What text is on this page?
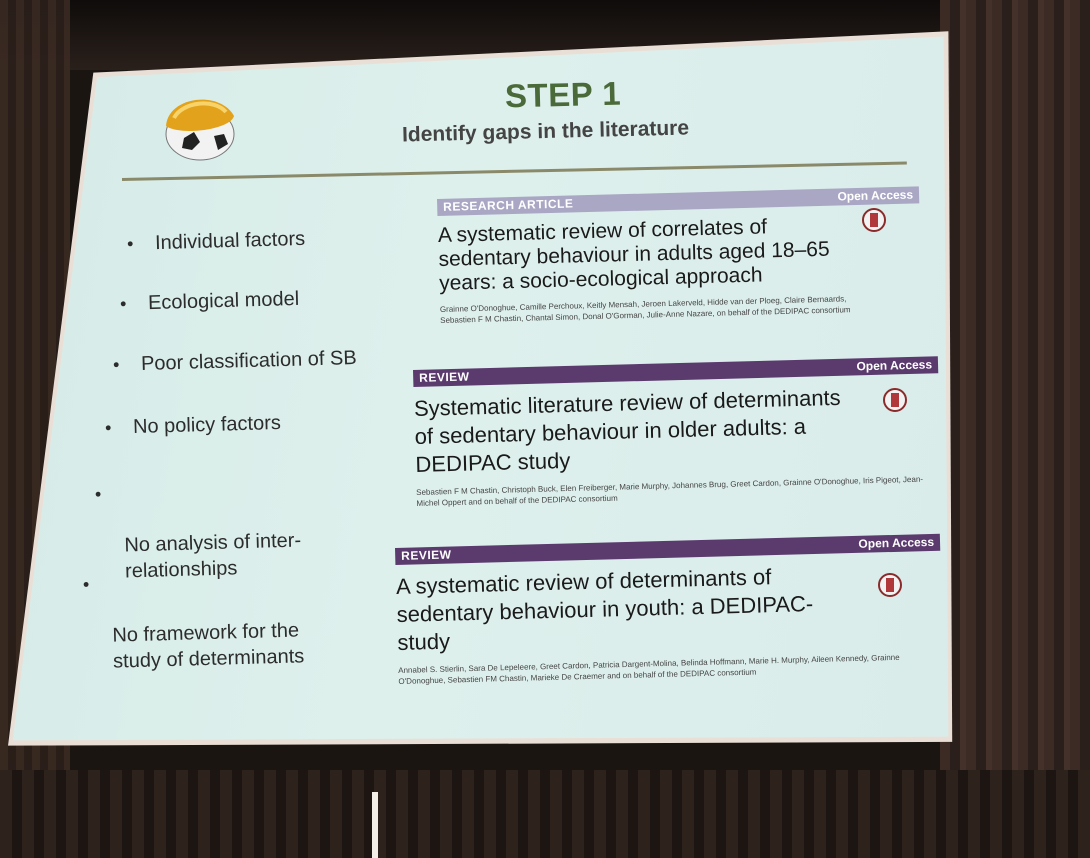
STEP 1
Identify gaps in the literature
• Individual factors
• Ecological model
• Poor classification of SB
• No policy factors

•

No analysis of inter-
relationships

•

No framework for the
study of determinants

RESEARCH ARTICLE
Open Access
A systematic review of correlates of sedentary behaviour in adults aged 18–65 years: a socio-ecological approach
Grainne O'Donoghue, Camille Perchoux, Keitly Mensah, Jeroen Lakerveld, Hidde van der Ploeg, Claire Bernaards, Sebastien F M Chastin, Chantal Simon, Donal O'Gorman, Julie-Anne Nazare, on behalf of the DEDIPAC consortium
REVIEW
Open Access
Systematic literature review of determinants of sedentary behaviour in older adults: a DEDIPAC study
Sebastien F M Chastin, Christoph Buck, Elen Freiberger, Marie Murphy, Johannes Brug, Greet Cardon, Grainne O'Donoghue, Iris Pigeot, Jean-Michel Oppert and on behalf of the DEDIPAC consortium
REVIEW
Open Access
A systematic review of determinants of sedentary behaviour in youth: a DEDIPAC-study
Annabel S. Stierlin, Sara De Lepeleere, Greet Cardon, Patricia Dargent-Molina, Belinda Hoffmann, Marie H. Murphy, Aileen Kennedy, Grainne O'Donoghue, Sebastien FM Chastin, Marieke De Craemer and on behalf of the DEDIPAC consortium
